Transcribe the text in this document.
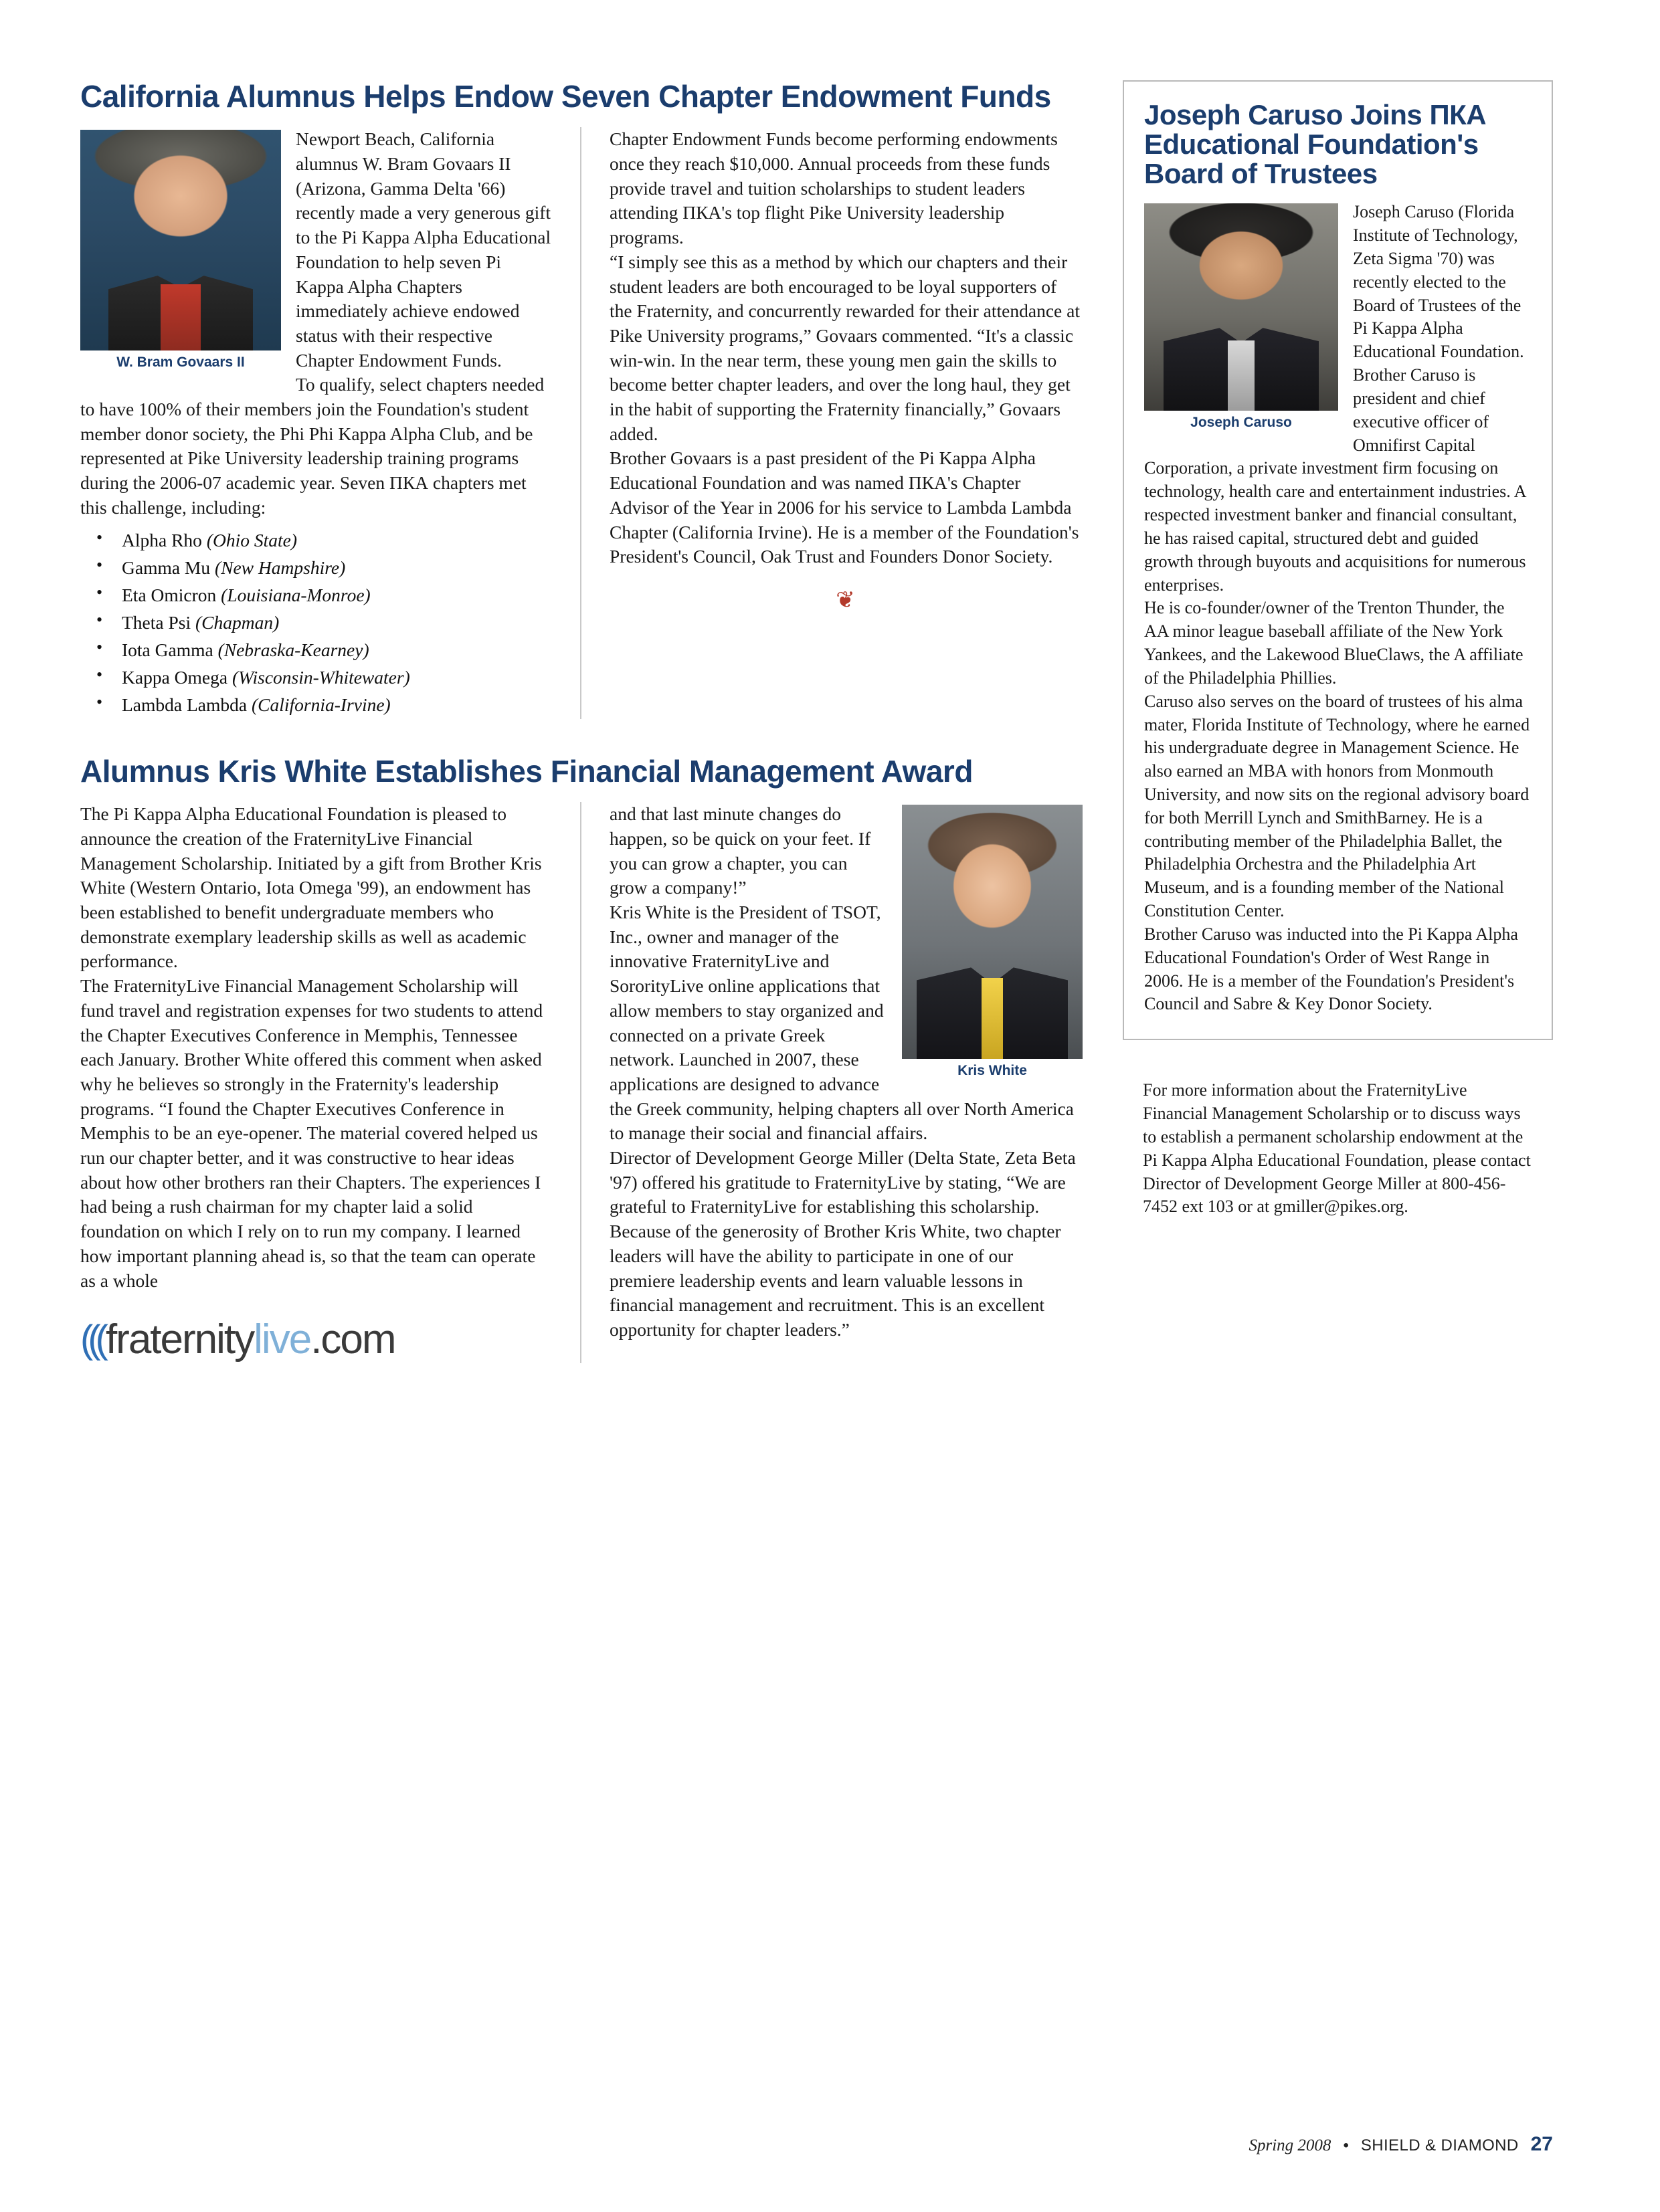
California Alumnus Helps Endow Seven Chapter Endowment Funds
W. Bram Govaars II

Newport Beach, California alumnus W. Bram Govaars II (Arizona, Gamma Delta '66) recently made a very generous gift to the Pi Kappa Alpha Educational Foundation to help seven Pi Kappa Alpha Chapters immediately achieve endowed status with their respective Chapter Endowment Funds.

To qualify, select chapters needed to have 100% of their members join the Foundation's student member donor society, the Phi Phi Kappa Alpha Club, and be represented at Pike University leadership training programs during the 2006-07 academic year. Seven ПКА chapters met this challenge, including:

• Alpha Rho (Ohio State)
• Gamma Mu (New Hampshire)
• Eta Omicron (Louisiana-Monroe)
• Theta Psi (Chapman)
• Iota Gamma (Nebraska-Kearney)
• Kappa Omega (Wisconsin-Whitewater)
• Lambda Lambda (California-Irvine)

Chapter Endowment Funds become performing endowments once they reach $10,000. Annual proceeds from these funds provide travel and tuition scholarships to student leaders attending ПКА's top flight Pike University leadership programs.

“I simply see this as a method by which our chapters and their student leaders are both encouraged to be loyal supporters of the Fraternity, and concurrently rewarded for their attendance at Pike University programs,” Govaars commented. “It's a classic win-win. In the near term, these young men gain the skills to become better chapter leaders, and over the long haul, they get in the habit of supporting the Fraternity financially,” Govaars added.

Brother Govaars is a past president of the Pi Kappa Alpha Educational Foundation and was named ПКА's Chapter Advisor of the Year in 2006 for his service to Lambda Lambda Chapter (California Irvine). He is a member of the Foundation's President's Council, Oak Trust and Founders Donor Society.

❦
Alumnus Kris White Establishes Financial Management Award

The Pi Kappa Alpha Educational Foundation is pleased to announce the creation of the FraternityLive Financial Management Scholarship. Initiated by a gift from Brother Kris White (Western Ontario, Iota Omega '99), an endowment has been established to benefit undergraduate members who demonstrate exemplary leadership skills as well as academic performance.

The FraternityLive Financial Management Scholarship will fund travel and registration expenses for two students to attend the Chapter Executives Conference in Memphis, Tennessee each January. Brother White offered this comment when asked why he believes so strongly in the Fraternity's leadership programs. “I found the Chapter Executives Conference in Memphis to be an eye-opener. The material covered helped us run our chapter better, and it was constructive to hear ideas about how other brothers ran their Chapters. The experiences I had being a rush chairman for my chapter laid a solid foundation on which I rely on to run my company. I learned how important planning ahead is, so that the team can operate as a whole

((( fraternity live .com
Kris White

and that last minute changes do happen, so be quick on your feet. If you can grow a chapter, you can grow a company!”

Kris White is the President of TSOT, Inc., owner and manager of the innovative FraternityLive and SororityLive online applications that allow members to stay organized and connected on a private Greek network. Launched in 2007, these applications are designed to advance the Greek community, helping chapters all over North America to manage their social and financial affairs.

Director of Development George Miller (Delta State, Zeta Beta '97) offered his gratitude to FraternityLive by stating, “We are grateful to FraternityLive for establishing this scholarship. Because of the generosity of Brother Kris White, two chapter leaders will have the ability to participate in one of our premiere leadership events and learn valuable lessons in financial management and recruitment. This is an excellent opportunity for chapter leaders.”

Joseph Caruso Joins ПКА Educational Foundation's Board of Trustees
Joseph Caruso

Joseph Caruso (Florida Institute of Technology, Zeta Sigma '70) was recently elected to the Board of Trustees of the Pi Kappa Alpha Educational Foundation.

Brother Caruso is president and chief executive officer of Omnifirst Capital Corporation, a private investment firm focusing on technology, health care and entertainment industries. A respected investment banker and financial consultant, he has raised capital, structured debt and guided growth through buyouts and acquisitions for numerous enterprises.

He is co-founder/owner of the Trenton Thunder, the AA minor league baseball affiliate of the New York Yankees, and the Lakewood BlueClaws, the A affiliate of the Philadelphia Phillies.

Caruso also serves on the board of trustees of his alma mater, Florida Institute of Technology, where he earned his undergraduate degree in Management Science. He also earned an MBA with honors from Monmouth University, and now sits on the regional advisory board for both Merrill Lynch and SmithBarney. He is a contributing member of the Philadelphia Ballet, the Philadelphia Orchestra and the Philadelphia Art Museum, and is a founding member of the National Constitution Center.

Brother Caruso was inducted into the Pi Kappa Alpha Educational Foundation's Order of West Range in 2006. He is a member of the Foundation's President's Council and Sabre & Key Donor Society.

For more information about the FraternityLive Financial Management Scholarship or to discuss ways to establish a permanent scholarship endowment at the Pi Kappa Alpha Educational Foundation, please contact Director of Development George Miller at 800-456-7452 ext 103 or at gmiller@pikes.org.

Spring 2008 • SHIELD & DIAMOND 27
